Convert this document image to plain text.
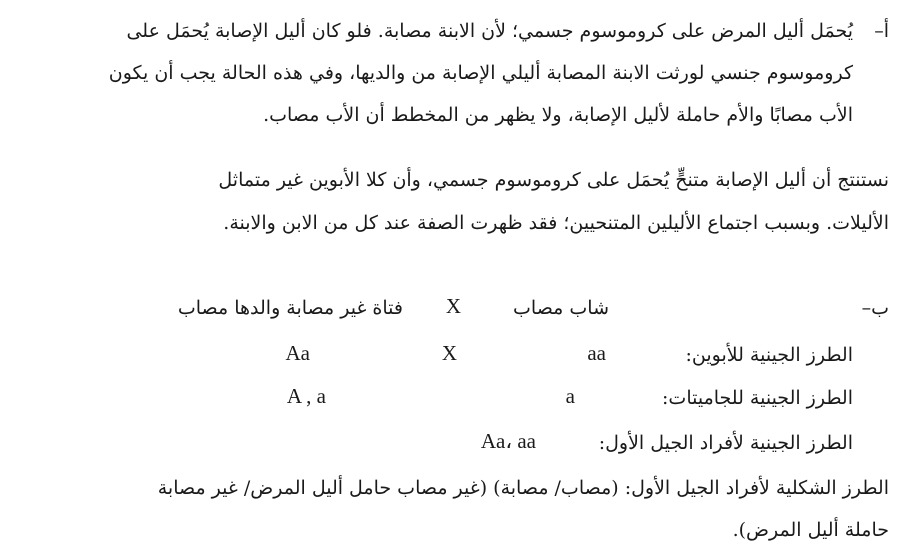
أ–
يُحمَل أليل المرض على كروموسوم جسمي؛ لأن الابنة مصابة. فلو كان أليل الإصابة يُحمَل على
كروموسوم جنسي لورثت الابنة المصابة أليلي الإصابة من والديها، وفي هذه الحالة يجب أن يكون
الأب مصابًا والأم حاملة لأليل الإصابة، ولا يظهر من المخطط أن الأب مصاب.
نستنتج أن أليل الإصابة متنحٍّ يُحمَل على كروموسوم جسمي، وأن كلا الأبوين غير متماثل
الأليلات. وبسبب اجتماع الأليلين المتنحيين؛ فقد ظهرت الصفة عند كل من الابن والابنة.
ب–
شاب مصاب
X
فتاة غير مصابة والدها مصاب
الطرز الجينية للأبوين:
aa
X
Aa
الطرز الجينية للجاميتات:
a
A , a
الطرز الجينية لأفراد الجيل الأول:
Aa، aa
الطرز الشكلية لأفراد الجيل الأول: (مصاب/ مصابة) (غير مصاب حامل أليل المرض/ غير مصابة
حاملة أليل المرض).
